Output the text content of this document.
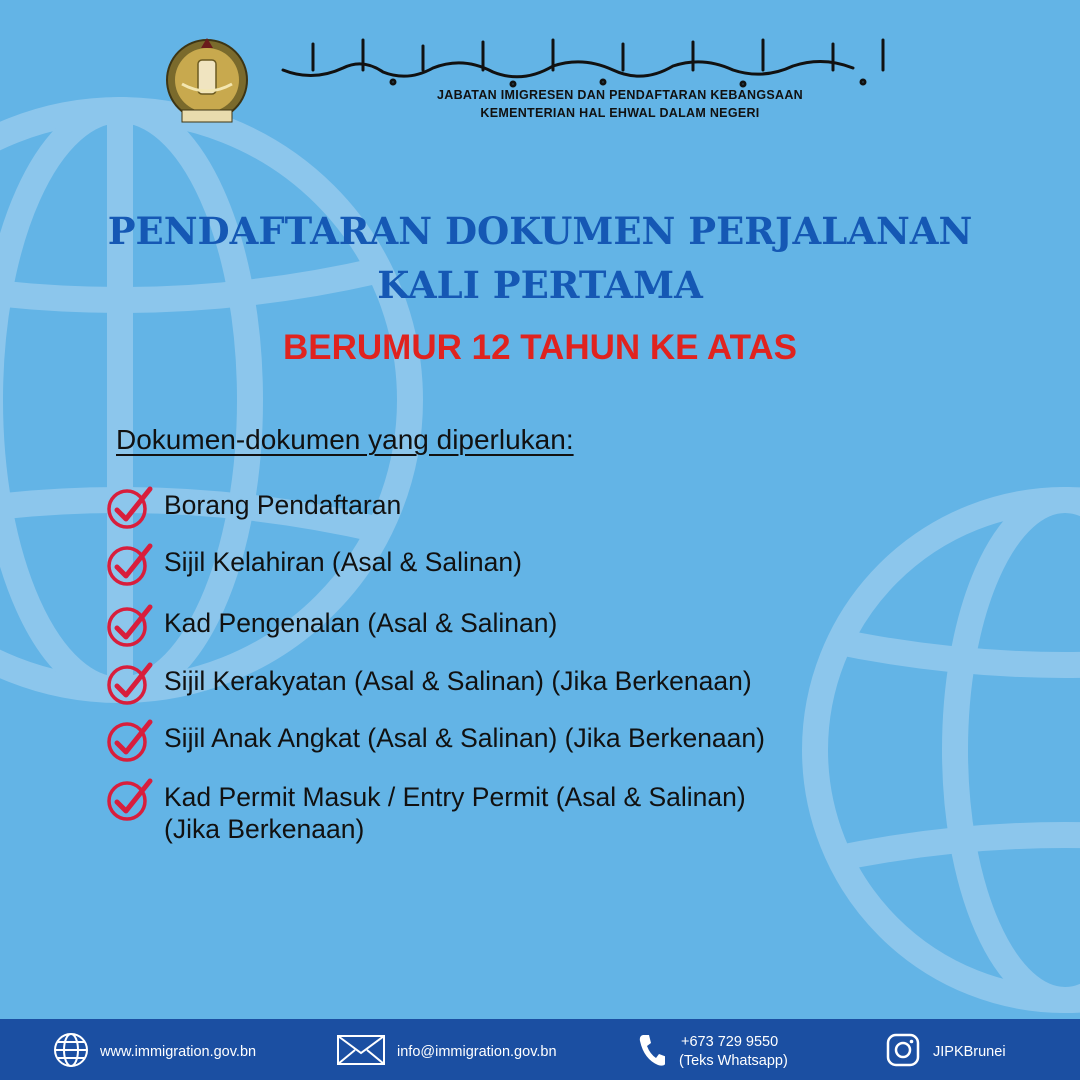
JABATAN IMIGRESEN DAN PENDAFTARAN KEBANGSAAN
KEMENTERIAN HAL EHWAL DALAM NEGERI
PENDAFTARAN DOKUMEN PERJALANAN
KALI PERTAMA
BERUMUR 12 TAHUN KE ATAS
Dokumen-dokumen yang diperlukan:
Borang Pendaftaran
Sijil Kelahiran (Asal & Salinan)
Kad Pengenalan (Asal & Salinan)
Sijil Kerakyatan (Asal & Salinan) (Jika Berkenaan)
Sijil Anak Angkat (Asal & Salinan) (Jika Berkenaan)
Kad Permit Masuk / Entry Permit (Asal & Salinan)
(Jika Berkenaan)
www.immigration.gov.bn	info@immigration.gov.bn
+673 729 9550
(Teks Whatsapp)
JIPKBrunei
